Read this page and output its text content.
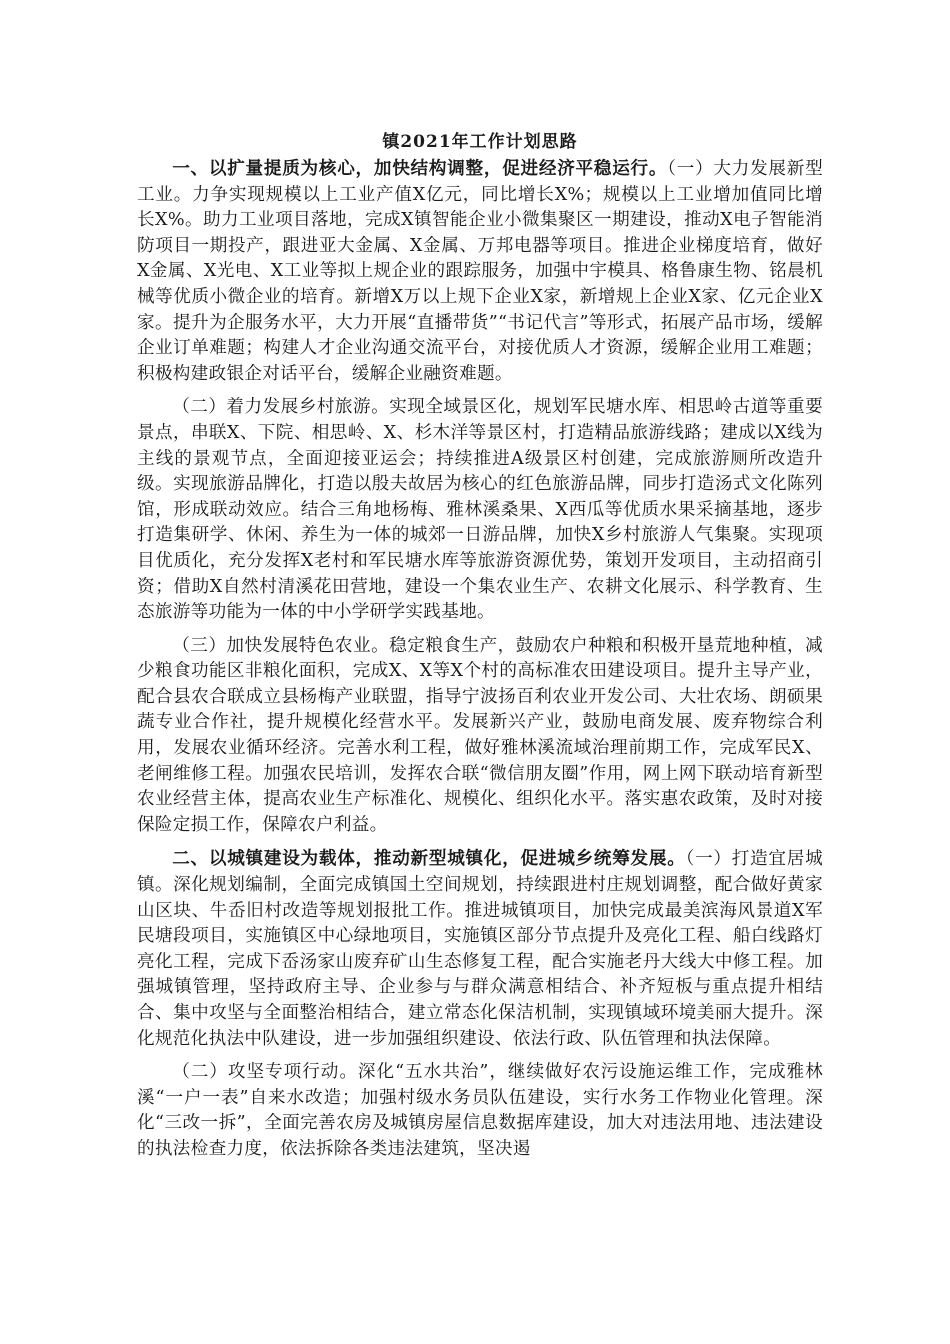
镇2021年工作计划思路

一、以扩量提质为核心，加快结构调整，促进经济平稳运行。（一）大力发展新型工业。力争实现规模以上工业产值X亿元，同比增长X%；规模以上工业增加值同比增长X%。助力工业项目落地，完成X镇智能企业小微集聚区一期建设，推动X电子智能消防项目一期投产，跟进亚大金属、X金属、万邦电器等项目。推进企业梯度培育，做好X金属、X光电、X工业等拟上规企业的跟踪服务，加强中宇模具、格鲁康生物、铭晨机械等优质小微企业的培育。新增X万以上规下企业X家，新增规上企业X家、亿元企业X家。提升为企服务水平，大力开展“直播带货”“书记代言”等形式，拓展产品市场，缓解企业订单难题；构建人才企业沟通交流平台，对接优质人才资源，缓解企业用工难题；积极构建政银企对话平台，缓解企业融资难题。

（二）着力发展乡村旅游。实现全域景区化，规划军民塘水库、相思岭古道等重要景点，串联X、下院、相思岭、X、杉木洋等景区村，打造精品旅游线路；建成以X线为主线的景观节点，全面迎接亚运会；持续推进A级景区村创建，完成旅游厕所改造升级。实现旅游品牌化，打造以殷夫故居为核心的红色旅游品牌，同步打造汤式文化陈列馆，形成联动效应。结合三角地杨梅、雅林溪桑果、X西瓜等优质水果采摘基地，逐步打造集研学、休闲、养生为一体的城郊一日游品牌，加快X乡村旅游人气集聚。实现项目优质化，充分发挥X老村和军民塘水库等旅游资源优势，策划开发项目，主动招商引资；借助X自然村清溪花田营地，建设一个集农业生产、农耕文化展示、科学教育、生态旅游等功能为一体的中小学研学实践基地。

（三）加快发展特色农业。稳定粮食生产，鼓励农户种粮和积极开垦荒地种植，减少粮食功能区非粮化面积，完成X、X等X个村的高标准农田建设项目。提升主导产业，配合县农合联成立县杨梅产业联盟，指导宁波扬百利农业开发公司、大壮农场、朗硕果蔬专业合作社，提升规模化经营水平。发展新兴产业，鼓励电商发展、废弃物综合利用，发展农业循环经济。完善水利工程，做好雅林溪流域治理前期工作，完成军民X、老闸维修工程。加强农民培训，发挥农合联“微信朋友圈”作用，网上网下联动培育新型农业经营主体，提高农业生产标准化、规模化、组织化水平。落实惠农政策，及时对接保险定损工作，保障农户利益。

二、以城镇建设为载体，推动新型城镇化，促进城乡统筹发展。（一）打造宜居城镇。深化规划编制，全面完成镇国土空间规划，持续跟进村庄规划调整，配合做好黄家山区块、牛岙旧村改造等规划报批工作。推进城镇项目，加快完成最美滨海风景道X军民塘段项目，实施镇区中心绿地项目，实施镇区部分节点提升及亮化工程、船白线路灯亮化工程，完成下岙汤家山废弃矿山生态修复工程，配合实施老丹大线大中修工程。加强城镇管理，坚持政府主导、企业参与与群众满意相结合、补齐短板与重点提升相结合、集中攻坚与全面整治相结合，建立常态化保洁机制，实现镇域环境美丽大提升。深化规范化执法中队建设，进一步加强组织建设、依法行政、队伍管理和执法保障。

（二）攻坚专项行动。深化“五水共治”，继续做好农污设施运维工作，完成雅林溪“一户一表”自来水改造；加强村级水务员队伍建设，实行水务工作物业化管理。深化“三改一拆”，全面完善农房及城镇房屋信息数据库建设，加大对违法用地、违法建设的执法检查力度，依法拆除各类违法建筑，坚决遏
